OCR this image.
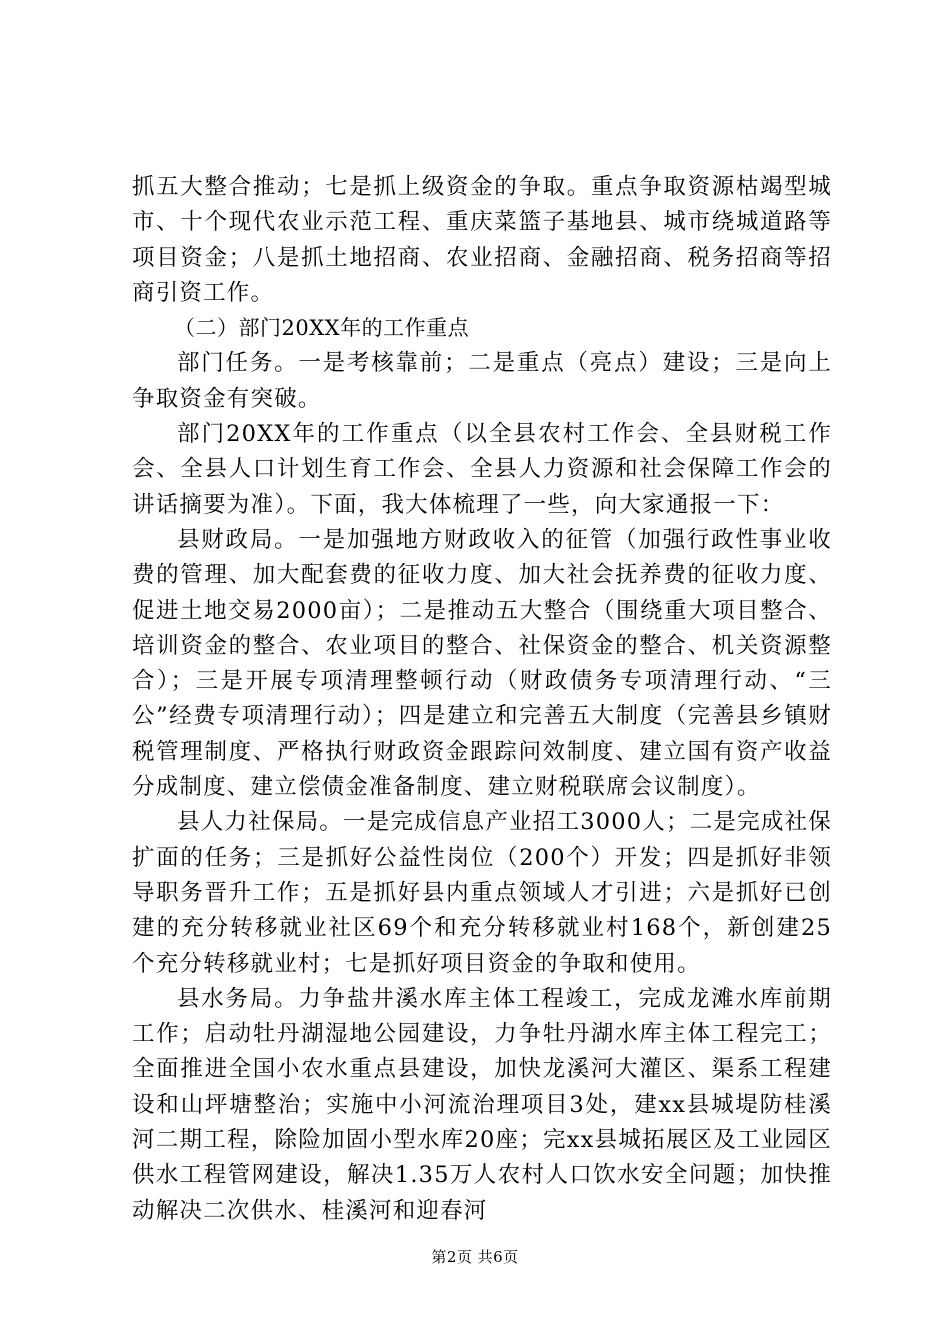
抓五大整合推动；七是抓上级资金的争取。重点争取资源枯竭型城市、十个现代农业示范工程、重庆菜篮子基地县、城市绕城道路等项目资金；八是抓土地招商、农业招商、金融招商、税务招商等招商引资工作。

（二）部门20XX年的工作重点

部门任务。一是考核靠前；二是重点（亮点）建设；三是向上争取资金有突破。

部门20XX年的工作重点（以全县农村工作会、全县财税工作会、全县人口计划生育工作会、全县人力资源和社会保障工作会的讲话摘要为准）。下面，我大体梳理了一些，向大家通报一下：

县财政局。一是加强地方财政收入的征管（加强行政性事业收费的管理、加大配套费的征收力度、加大社会抚养费的征收力度、促进土地交易2000亩）；二是推动五大整合（围绕重大项目整合、培训资金的整合、农业项目的整合、社保资金的整合、机关资源整合）；三是开展专项清理整顿行动（财政债务专项清理行动、“三公”经费专项清理行动）；四是建立和完善五大制度（完善县乡镇财税管理制度、严格执行财政资金跟踪问效制度、建立国有资产收益分成制度、建立偿债金准备制度、建立财税联席会议制度）。

县人力社保局。一是完成信息产业招工3000人；二是完成社保扩面的任务；三是抓好公益性岗位（200个）开发；四是抓好非领导职务晋升工作；五是抓好县内重点领域人才引进；六是抓好已创建的充分转移就业社区69个和充分转移就业村168个，新创建25个充分转移就业村；七是抓好项目资金的争取和使用。

县水务局。力争盐井溪水库主体工程竣工，完成龙滩水库前期工作；启动牡丹湖湿地公园建设，力争牡丹湖水库主体工程完工；全面推进全国小农水重点县建设，加快龙溪河大灌区、渠系工程建设和山坪塘整治；实施中小河流治理项目3处，建xx县城堤防桂溪河二期工程，除险加固小型水库20座；完xx县城拓展区及工业园区供水工程管网建设，解决1.35万人农村人口饮水安全问题；加快推动解决二次供水、桂溪河和迎春河

第2页 共6页
